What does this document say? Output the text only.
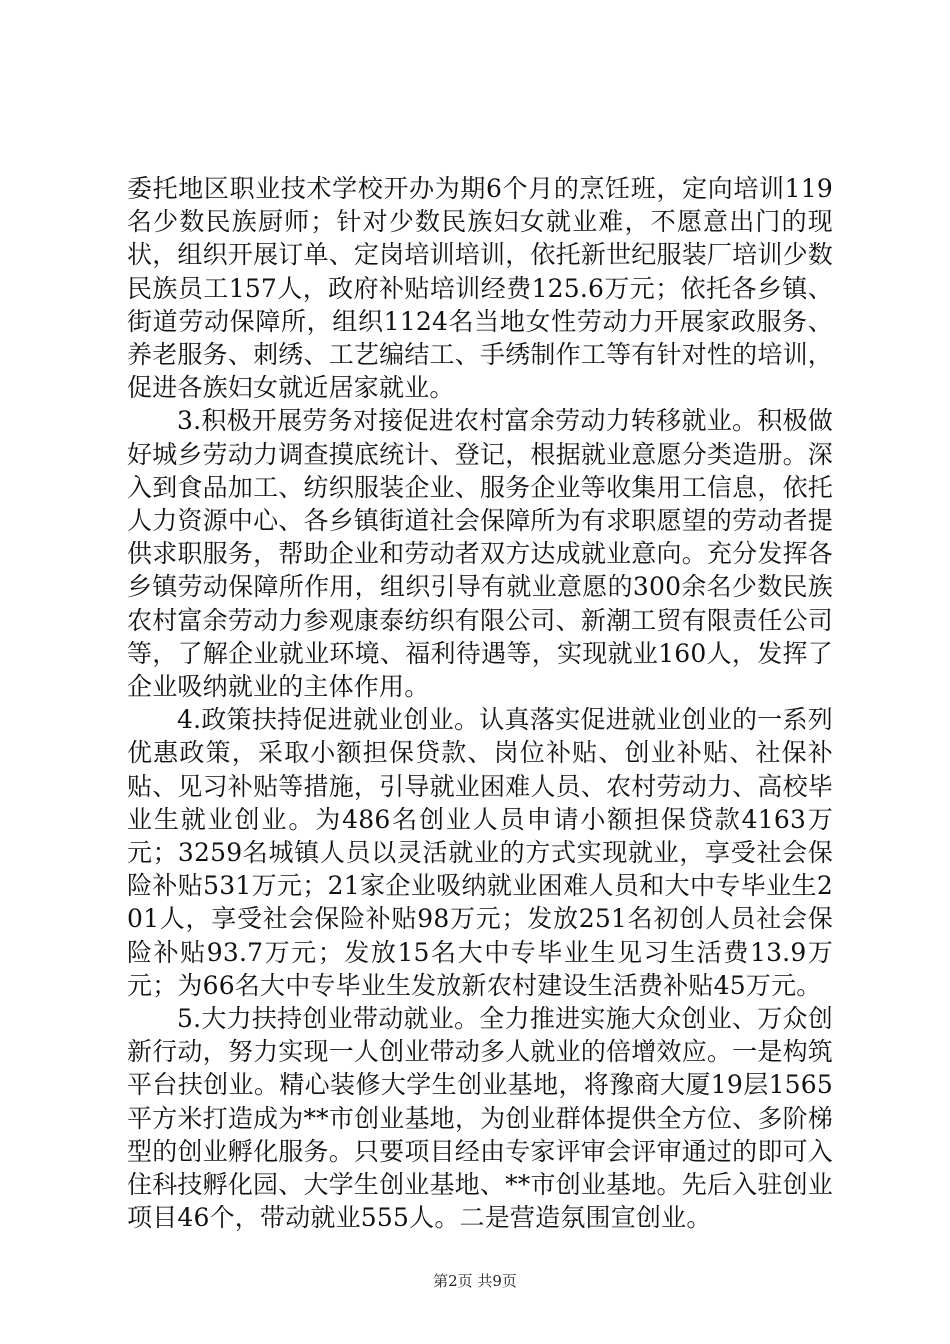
委托地区职业技术学校开办为期6个月的烹饪班，定向培训119名少数民族厨师；针对少数民族妇女就业难，不愿意出门的现状，组织开展订单、定岗培训培训，依托新世纪服装厂培训少数民族员工157人，政府补贴培训经费125.6万元；依托各乡镇、街道劳动保障所，组织1124名当地女性劳动力开展家政服务、养老服务、刺绣、工艺编结工、手绣制作工等有针对性的培训，促进各族妇女就近居家就业。

3.积极开展劳务对接促进农村富余劳动力转移就业。积极做好城乡劳动力调查摸底统计、登记，根据就业意愿分类造册。深入到食品加工、纺织服装企业、服务企业等收集用工信息，依托人力资源中心、各乡镇街道社会保障所为有求职愿望的劳动者提供求职服务，帮助企业和劳动者双方达成就业意向。充分发挥各乡镇劳动保障所作用，组织引导有就业意愿的300余名少数民族农村富余劳动力参观康泰纺织有限公司、新潮工贸有限责任公司等，了解企业就业环境、福利待遇等，实现就业160人，发挥了企业吸纳就业的主体作用。

4.政策扶持促进就业创业。认真落实促进就业创业的一系列优惠政策，采取小额担保贷款、岗位补贴、创业补贴、社保补贴、见习补贴等措施，引导就业困难人员、农村劳动力、高校毕业生就业创业。为486名创业人员申请小额担保贷款4163万元；3259名城镇人员以灵活就业的方式实现就业，享受社会保险补贴531万元；21家企业吸纳就业困难人员和大中专毕业生201人，享受社会保险补贴98万元；发放251名初创人员社会保险补贴93.7万元；发放15名大中专毕业生见习生活费13.9万元；为66名大中专毕业生发放新农村建设生活费补贴45万元。

5.大力扶持创业带动就业。全力推进实施大众创业、万众创新行动，努力实现一人创业带动多人就业的倍增效应。一是构筑平台扶创业。精心装修大学生创业基地，将豫商大厦19层1565平方米打造成为**市创业基地，为创业群体提供全方位、多阶梯型的创业孵化服务。只要项目经由专家评审会评审通过的即可入住科技孵化园、大学生创业基地、**市创业基地。先后入驻创业项目46个，带动就业555人。二是营造氛围宣创业。

第2页 共9页
